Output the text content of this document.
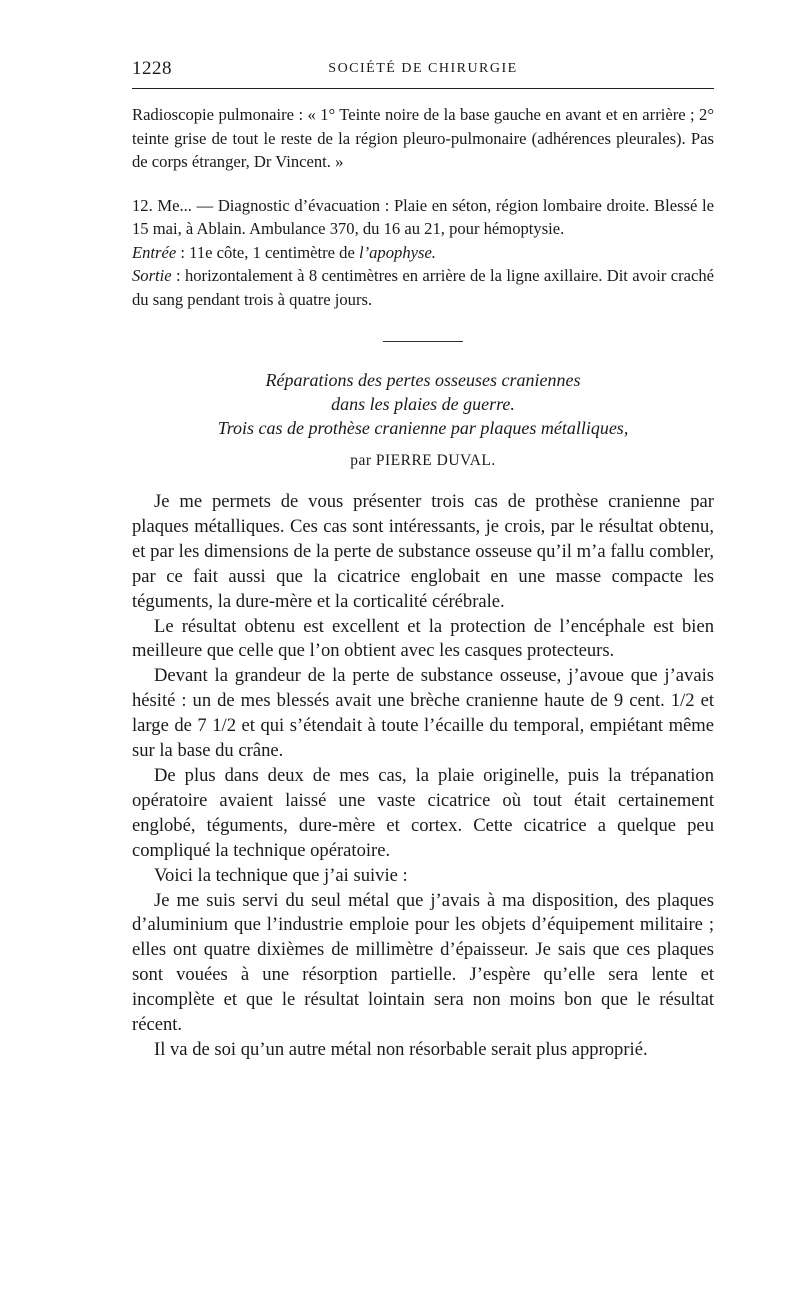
1228	SOCIÉTÉ DE CHIRURGIE

Radioscopie pulmonaire : « 1° Teinte noire de la base gauche en avant et en arrière ; 2° teinte grise de tout le reste de la région pleuro-pulmonaire (adhérences pleurales). Pas de corps étranger, Dr Vincent. »

12. Me... — Diagnostic d’évacuation : Plaie en séton, région lombaire droite. Blessé le 15 mai, à Ablain. Ambulance 370, du 16 au 21, pour hémoptysie.

Entrée : 11e côte, 1 centimètre de l’apophyse.

Sortie : horizontalement à 8 centimètres en arrière de la ligne axillaire. Dit avoir craché du sang pendant trois à quatre jours.

Réparations des pertes osseuses craniennes
dans les plaies de guerre.
Trois cas de prothèse cranienne par plaques métalliques,
par PIERRE DUVAL.

Je me permets de vous présenter trois cas de prothèse cranienne par plaques métalliques. Ces cas sont intéressants, je crois, par le résultat obtenu, et par les dimensions de la perte de substance osseuse qu’il m’a fallu combler, par ce fait aussi que la cicatrice englobait en une masse compacte les téguments, la dure-mère et la corticalité cérébrale.

Le résultat obtenu est excellent et la protection de l’encéphale est bien meilleure que celle que l’on obtient avec les casques protecteurs.

Devant la grandeur de la perte de substance osseuse, j’avoue que j’avais hésité : un de mes blessés avait une brèche cranienne haute de 9 cent. 1/2 et large de 7 1/2 et qui s’étendait à toute l’écaille du temporal, empiétant même sur la base du crâne.

De plus dans deux de mes cas, la plaie originelle, puis la trépanation opératoire avaient laissé une vaste cicatrice où tout était certainement englobé, téguments, dure-mère et cortex. Cette cicatrice a quelque peu compliqué la technique opératoire.

Voici la technique que j’ai suivie :

Je me suis servi du seul métal que j’avais à ma disposition, des plaques d’aluminium que l’industrie emploie pour les objets d’équipement militaire ; elles ont quatre dixièmes de millimètre d’épaisseur. Je sais que ces plaques sont vouées à une résorption partielle. J’espère qu’elle sera lente et incomplète et que le résultat lointain sera non moins bon que le résultat récent.

Il va de soi qu’un autre métal non résorbable serait plus approprié.
